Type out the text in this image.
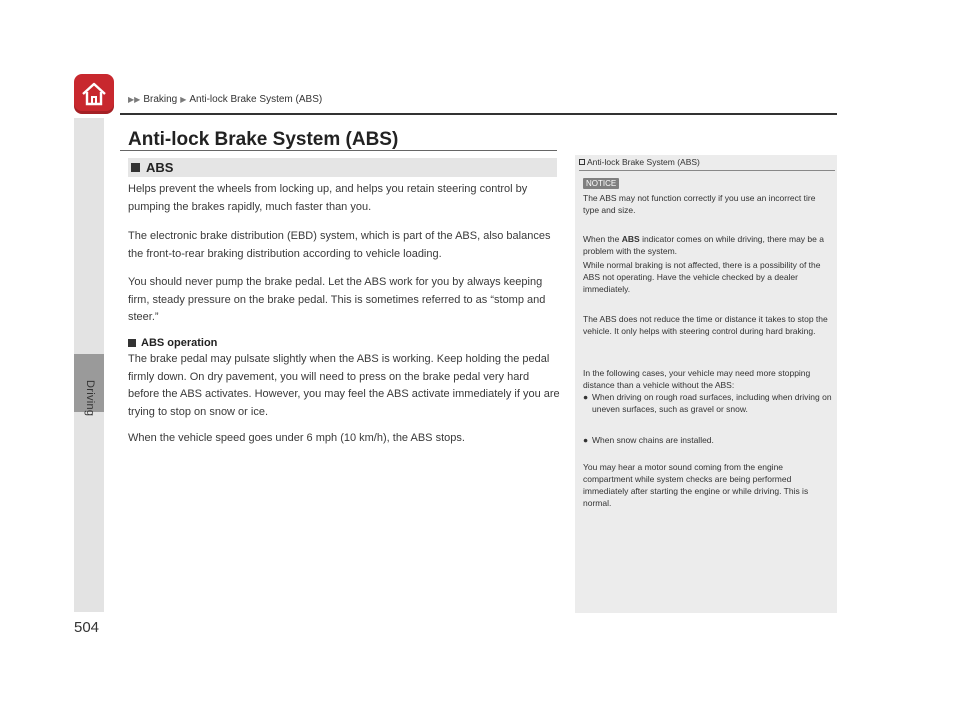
▶▶ Braking ▶ Anti-lock Brake System (ABS)
Driving
Anti-lock Brake System (ABS)
ABS
Helps prevent the wheels from locking up, and helps you retain steering control by pumping the brakes rapidly, much faster than you.
The electronic brake distribution (EBD) system, which is part of the ABS, also balances the front-to-rear braking distribution according to vehicle loading.
You should never pump the brake pedal. Let the ABS work for you by always keeping firm, steady pressure on the brake pedal. This is sometimes referred to as “stomp and steer.”
ABS operation
The brake pedal may pulsate slightly when the ABS is working. Keep holding the pedal firmly down. On dry pavement, you will need to press on the brake pedal very hard before the ABS activates. However, you may feel the ABS activate immediately if you are trying to stop on snow or ice.
When the vehicle speed goes under 6 mph (10 km/h), the ABS stops.
Anti-lock Brake System (ABS)
NOTICE
The ABS may not function correctly if you use an incorrect tire type and size.
When the ABS indicator comes on while driving, there may be a problem with the system.
While normal braking is not affected, there is a possibility of the ABS not operating. Have the vehicle checked by a dealer immediately.
The ABS does not reduce the time or distance it takes to stop the vehicle. It only helps with steering control during hard braking.
In the following cases, your vehicle may need more stopping distance than a vehicle without the ABS:
● When driving on rough road surfaces, including when driving on uneven surfaces, such as gravel or snow.
● When snow chains are installed.
You may hear a motor sound coming from the engine compartment while system checks are being performed immediately after starting the engine or while driving. This is normal.
504
